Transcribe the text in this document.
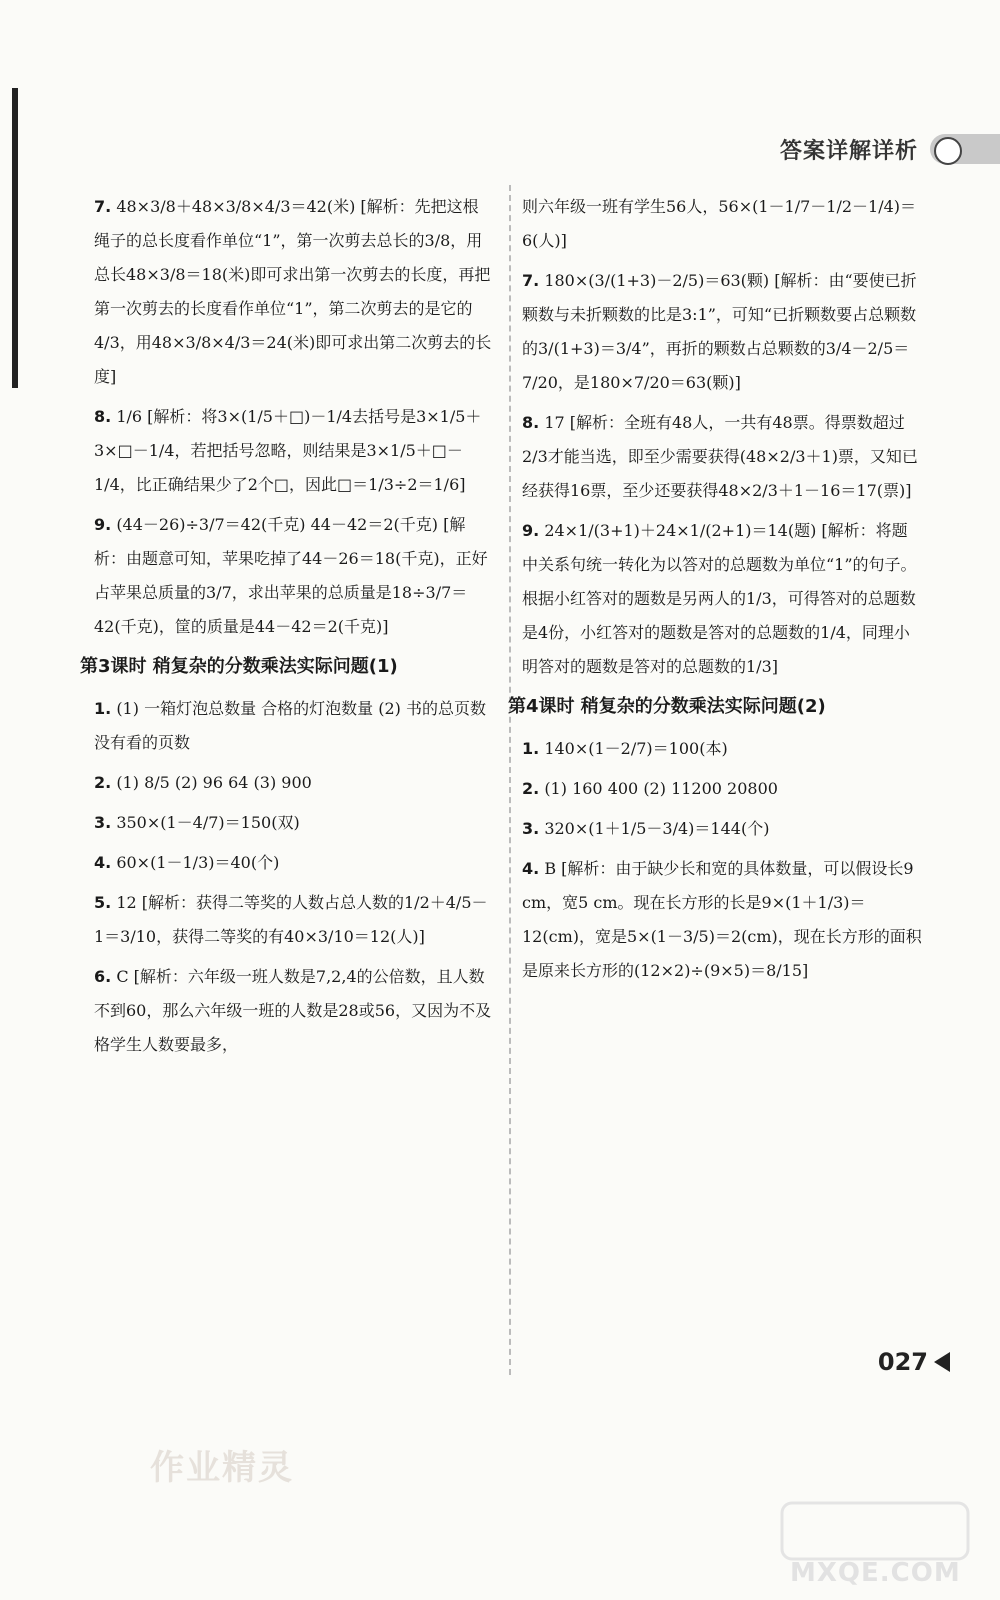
答案详解详析
7. 48×3/8＋48×3/8×4/3＝42(米) [解析：先把这根绳子的总长度看作单位“1”，第一次剪去总长的3/8，用总长48×3/8＝18(米)即可求出第一次剪去的长度，再把第一次剪去的长度看作单位“1”，第二次剪去的是它的4/3，用48×3/8×4/3＝24(米)即可求出第二次剪去的长度]
8. 1/6 [解析：将3×(1/5＋□)－1/4去括号是3×1/5＋3×□－1/4，若把括号忽略，则结果是3×1/5＋□－1/4，比正确结果少了2个□，因此□＝1/3÷2＝1/6]
9. (44－26)÷3/7＝42(千克) 44－42＝2(千克) [解析：由题意可知，苹果吃掉了44－26＝18(千克)，正好占苹果总质量的3/7，求出苹果的总质量是18÷3/7＝42(千克)，筐的质量是44－42＝2(千克)]
第3课时 稍复杂的分数乘法实际问题(1)
1. (1) 一箱灯泡总数量 合格的灯泡数量 (2) 书的总页数 没有看的页数
2. (1) 8/5 (2) 96 64 (3) 900
3. 350×(1－4/7)＝150(双)
4. 60×(1－1/3)＝40(个)
5. 12 [解析：获得二等奖的人数占总人数的1/2＋4/5－1＝3/10，获得二等奖的有40×3/10＝12(人)]
6. C [解析：六年级一班人数是7,2,4的公倍数，且人数不到60，那么六年级一班的人数是28或56，又因为不及格学生人数要最多，
则六年级一班有学生56人，56×(1－1/7－1/2－1/4)＝6(人)]
7. 180×(3/(1+3)－2/5)＝63(颗) [解析：由“要使已折颗数与未折颗数的比是3:1”，可知“已折颗数要占总颗数的3/(1+3)＝3/4”，再折的颗数占总颗数的3/4－2/5＝7/20，是180×7/20＝63(颗)]
8. 17 [解析：全班有48人，一共有48票。得票数超过2/3才能当选，即至少需要获得(48×2/3＋1)票，又知已经获得16票，至少还要获得48×2/3＋1－16＝17(票)]
9. 24×1/(3+1)＋24×1/(2+1)＝14(题) [解析：将题中关系句统一转化为以答对的总题数为单位“1”的句子。根据小红答对的题数是另两人的1/3，可得答对的总题数是4份，小红答对的题数是答对的总题数的1/4，同理小明答对的题数是答对的总题数的1/3]
第4课时 稍复杂的分数乘法实际问题(2)
1. 140×(1－2/7)＝100(本)
2. (1) 160 400 (2) 11200 20800
3. 320×(1＋1/5－3/4)＝144(个)
4. B [解析：由于缺少长和宽的具体数量，可以假设长9 cm，宽5 cm。现在长方形的长是9×(1＋1/3)＝12(cm)，宽是5×(1－3/5)＝2(cm)，现在长方形的面积是原来长方形的(12×2)÷(9×5)＝8/15]
027
作业精灵
MXQE.COM
